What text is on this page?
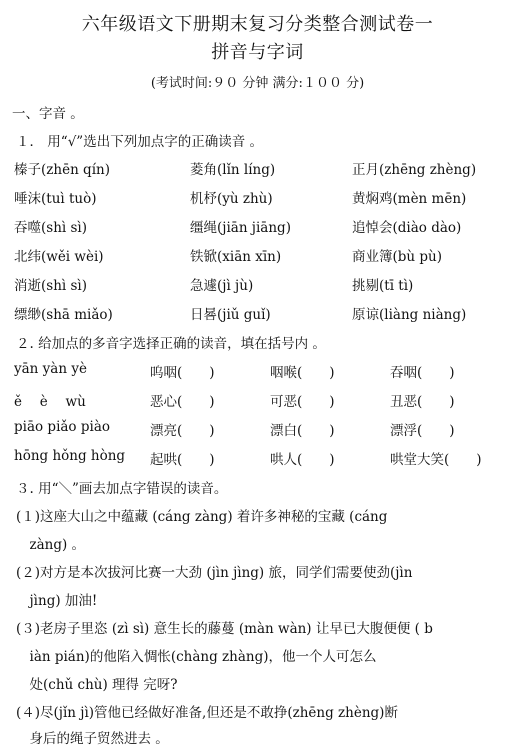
六年级语文下册期末复习分类整合测试卷一
拼音与字词
(考试时间:９０ 分钟 满分:１００ 分)
一、字音 。
１． 用“√”选出下列加点字的正确读音 。
榛子(zhēn qín)	菱角(lǐn líng)	正月(zhēng zhèng)
唾沫(tuì tuò)	机杼(yù zhù)	黄焖鸡(mèn mēn)
吞噬(shì sì)	缰绳(jiān jiāng)	追悼会(diào dào)
北纬(wěi wèi)	铁锨(xiān xīn)	商业簿(bù pù)
消逝(shì sì)	急遽(jì jù)	挑剔(tī tì)
缥缈(shā miǎo)	日晷(jiǔ guǐ)	原谅(liàng niàng)
２. 给加点的多音字选择正确的读音，填在括号内 。
yān yàn yè	呜咽(　　)	咽喉(　　)	吞咽(　　)
ě　 è　 wù	恶心(　　)	可恶(　　)	丑恶(　　)
piāo piǎo piào	漂亮(　　)	漂白(　　)	漂浮(　　)
hōng hǒng hòng	起哄(　　)	哄人(　　)	哄堂大笑(　　)
３. 用“＼”画去加点字错误的读音。
(１)这座大山之中蕴藏 (cáng zàng) 着许多神秘的宝藏 (cáng
　zàng) 。
(２)对方是本次拔河比赛一大劲 (jìn jìng) 旅，同学们需要使劲(jìn
　jìng) 加油!
(３)老房子里恣 (zì sì) 意生长的藤蔓 (màn wàn) 让早已大腹便便 ( b
　iàn pián)的他陷入惆怅(chàng zhàng)，他一个人可怎么
　处(chǔ chù) 理得 完呀?
(４)尽(jǐn jì)管他已经做好准备,但还是不敢挣(zhēng zhèng)断
　身后的绳子贸然进去 。
